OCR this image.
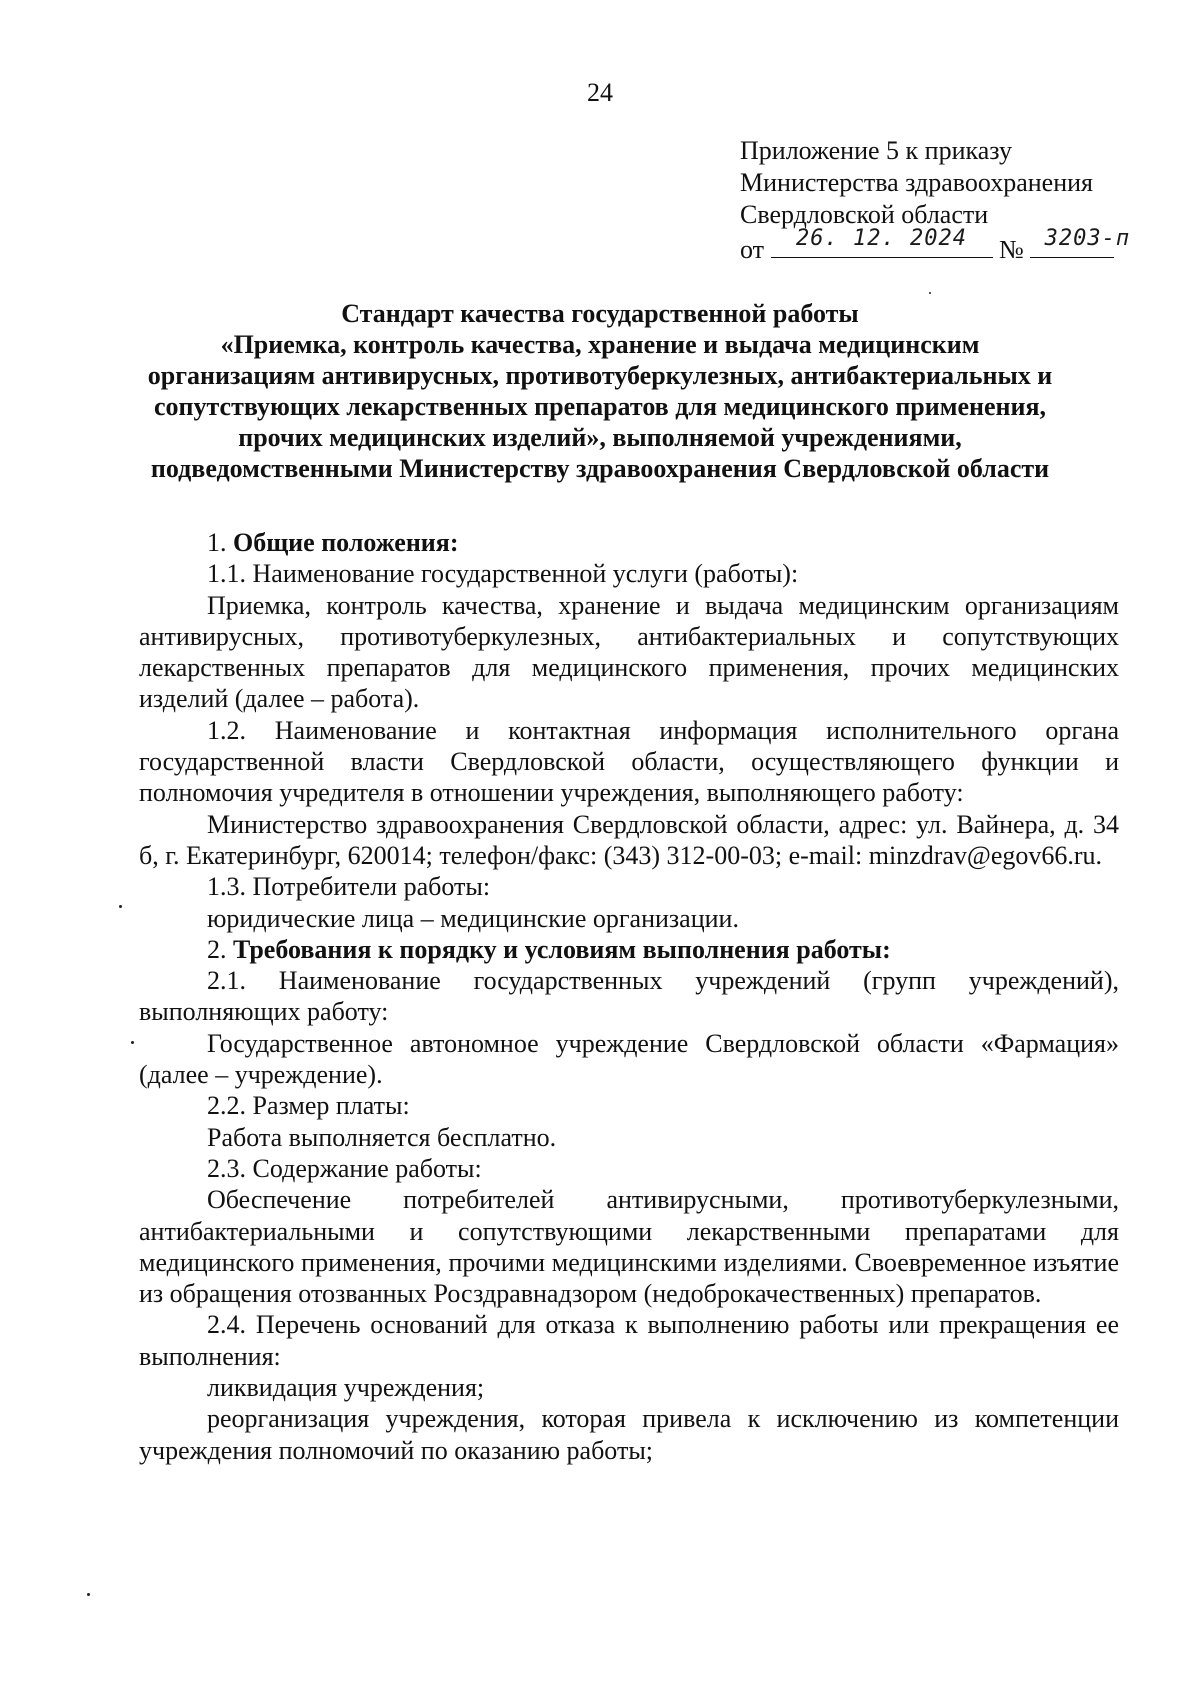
24
Приложение 5 к приказу
Министерства здравоохранения
Свердловской области
от	26. 12. 2024	№ 3203-п
Стандарт качества государственной работы
«Приемка, контроль качества, хранение и выдача медицинским
организациям антивирусных, противотуберкулезных, антибактериальных и
сопутствующих лекарственных препаратов для медицинского применения,
прочих медицинских изделий», выполняемой учреждениями,
подведомственными Министерству здравоохранения Свердловской области

1. Общие положения:

1.1. Наименование государственной услуги (работы):

Приемка, контроль качества, хранение и выдача медицинским организациям антивирусных, противотуберкулезных, антибактериальных и сопутствующих лекарственных препаратов для медицинского применения, прочих медицинских изделий (далее – работа).

1.2. Наименование и контактная информация исполнительного органа государственной власти Свердловской области, осуществляющего функции и полномочия учредителя в отношении учреждения, выполняющего работу:

Министерство здравоохранения Свердловской области, адрес: ул. Вайнера, д. 34 б, г. Екатеринбург, 620014; телефон/факс: (343) 312-00-03; e-mail: minzdrav@egov66.ru.

1.3. Потребители работы:

юридические лица – медицинские организации.

2. Требования к порядку и условиям выполнения работы:

2.1. Наименование государственных учреждений (групп учреждений), выполняющих работу:

Государственное автономное учреждение Свердловской области «Фармация» (далее – учреждение).

2.2. Размер платы:

Работа выполняется бесплатно.

2.3. Содержание работы:

Обеспечение потребителей антивирусными, противотуберкулезными, антибактериальными и сопутствующими лекарственными препаратами для медицинского применения, прочими медицинскими изделиями. Своевременное изъятие из обращения отозванных Росздравнадзором (недоброкачественных) препаратов.

2.4. Перечень оснований для отказа к выполнению работы или прекращения ее выполнения:

ликвидация учреждения;

реорганизация учреждения, которая привела к исключению из компетенции учреждения полномочий по оказанию работы;
